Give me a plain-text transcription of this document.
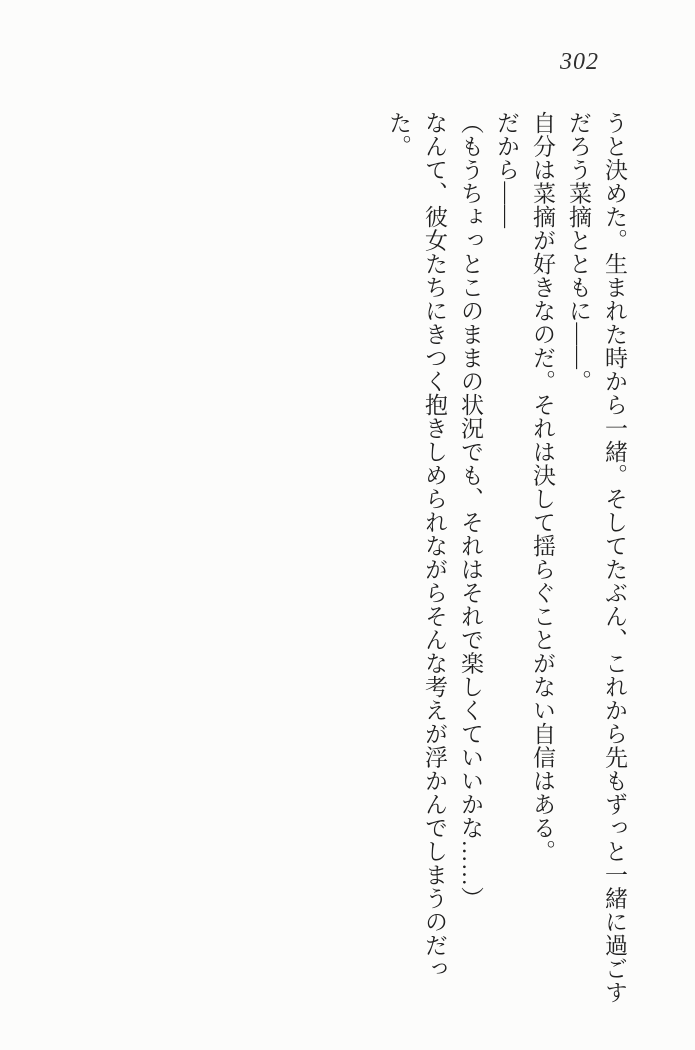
302

うと決めた。生まれた時から一緒。そしてたぶん、これから先もずっと一緒に過ごす

だろう菜摘とともに――。

自分は菜摘が好きなのだ。それは決して揺らぐことがない自信はある。

だから――

（もうちょっとこのままの状況でも、それはそれで楽しくていいかな……）

なんて、彼女たちにきつく抱きしめられながらそんな考えが浮かんでしまうのだっ

た。
